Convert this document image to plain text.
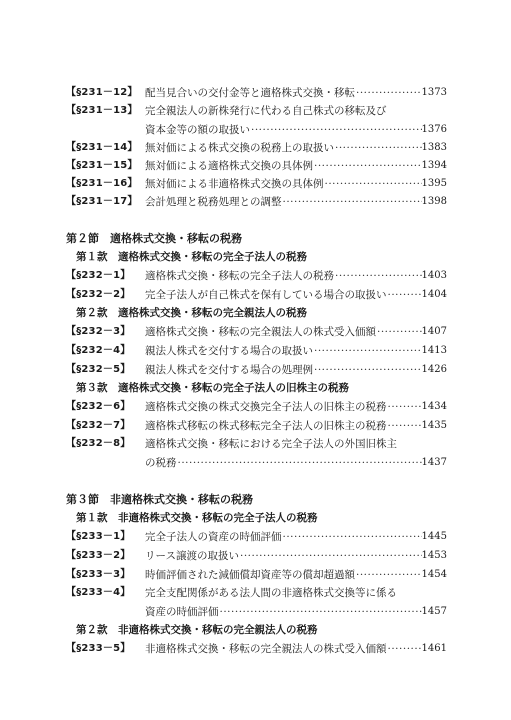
【§231－12】 配当見合いの交付金等と適格株式交換・移転 ·····	1373
【§231－13】 完全親法人の新株発行に代わる自己株式の移転及び
資本金等の額の取扱い ·····	1376
【§231－14】 無対価による株式交換の税務上の取扱い ·····	1383
【§231－15】 無対価による適格株式交換の具体例 ·····	1394
【§231－16】 無対価による非適格株式交換の具体例 ·····	1395
【§231－17】 会計処理と税務処理との調整 ·····	1398
第２節　適格株式交換・移転の税務
第１款　適格株式交換・移転の完全子法人の税務
【§232－1】	適格株式交換・移転の完全子法人の税務 ·····	1403
【§232－2】	完全子法人が自己株式を保有している場合の取扱い ·····	1404
第２款　適格株式交換・移転の完全親法人の税務
【§232－3】	適格株式交換・移転の完全親法人の株式受入価額 ·····	1407
【§232－4】	親法人株式を交付する場合の取扱い ·····	1413
【§232－5】	親法人株式を交付する場合の処理例 ·····	1426
第３款　適格株式交換・移転の完全子法人の旧株主の税務
【§232－6】	適格株式交換の株式交換完全子法人の旧株主の税務 ·····	1434
【§232－7】	適格株式移転の株式移転完全子法人の旧株主の税務 ·····	1435
【§232－8】	適格株式交換・移転における完全子法人の外国旧株主
の税務 ·····	1437
第３節　非適格株式交換・移転の税務
第１款　非適格株式交換・移転の完全子法人の税務
【§233－1】	完全子法人の資産の時価評価 ·····	1445
【§233－2】	リース譲渡の取扱い ·····	1453
【§233－3】	時価評価された減価償却資産等の償却超過額 ·····	1454
【§233－4】	完全支配関係がある法人間の非適格株式交換等に係る
資産の時価評価 ·····	1457
第２款　非適格株式交換・移転の完全親法人の税務
【§233－5】	非適格株式交換・移転の完全親法人の株式受入価額 ·····	1461
